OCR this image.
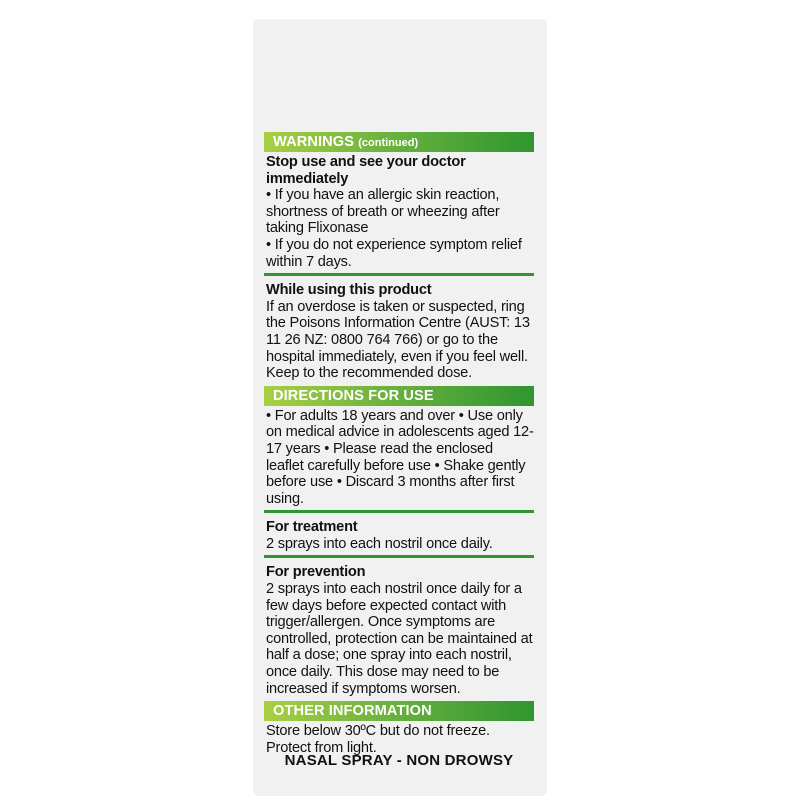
WARNINGS (continued)
Stop use and see your doctor immediately
• If you have an allergic skin reaction, shortness of breath or wheezing after taking Flixonase
• If you do not experience symptom relief within 7 days.
While using this product
If an overdose is taken or suspected, ring the Poisons Information Centre (AUST: 13 11 26 NZ: 0800 764 766) or go to the hospital immediately, even if you feel well. Keep to the recommended dose.
DIRECTIONS FOR USE
• For adults 18 years and over • Use only on medical advice in adolescents aged 12-17 years • Please read the enclosed leaflet carefully before use • Shake gently before use • Discard 3 months after first using.
For treatment
2 sprays into each nostril once daily.
For prevention
2 sprays into each nostril once daily for a few days before expected contact with trigger/allergen. Once symptoms are controlled, protection can be maintained at half a dose; one spray into each nostril, once daily. This dose may need to be increased if symptoms worsen.
OTHER INFORMATION
Store below 30ºC but do not freeze. Protect from light.
NASAL SPRAY - NON DROWSY
